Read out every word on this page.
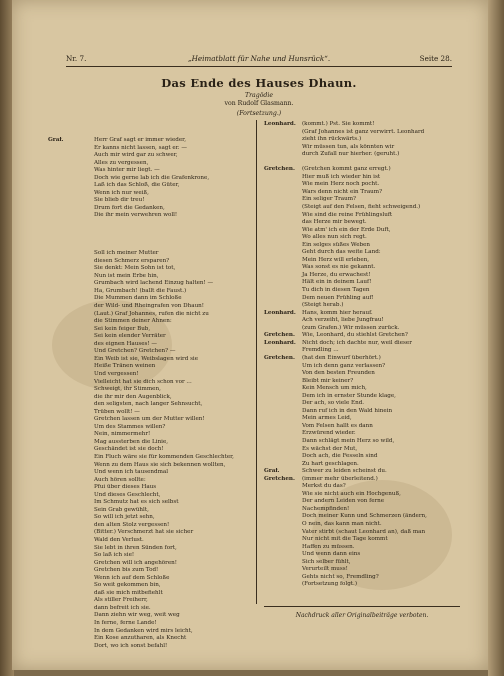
Nr. 7.	„Heimatblatt für Nahe und Hunsrück“.	Seite 28.
Das Ende des Hauses Dhaun.
Tragödie
von Rudolf Glasmann.
(Fortsetzung.)
Graf.	Herr Graf sagt er immer wieder,
Er kanns nicht lassen, sagt er. —
Auch mir wird gar zu schwer,
Alles zu vergessen,
Was hinter mir liegt. —
Doch wie gerne lab ich die Grafenkrone,
Laß ich das Schloß, die Güter,
Wenn ich nur weiß,
Sie blieb dir treu!
Drum fort die Gedanken,
Die ihr mein verwehren woll!
Soll ich meiner Mutter
diesen Schmerz ersparen?
Sie denkt: Mein Sohn ist tot,
Nun ist mein Erbe hin,
Grumbach wird lachend Einzug halten! —
Ha, Grumbach! (ballt die Faust.)
Die Mummen dann im Schloße
der Wild- und Rheingrafen von Dhaun!
(Laut.) Graf Johannes, rufen die nicht zu
die Stimmen deiner Ahnen:
Sei kein feiger Bub,
Sei kein elender Verräter
des eignen Hauses! —
Und Gretchen? Gretchen? —
Ein Weib ist sie, Weibslagen wird sie
Heiße Tränen weinen
Und vergessen!
Vielleicht hat sie dich schon vor ...
Schweigt, ihr Stimmen,
die ihr mir den Augenblick,
den seligsten, nach langer Sehnsucht,
Trüben wollt! —
Gretchen lassen um der Mutter willen!
Um des Stammes willen?
Nein, nimmermehr!
Mag aussterben die Linie,
Geschändet ist sie doch!
Ein Fluch wäre sie für kommenden Geschlechter,
Wenn zu dem Haus sie sich bekennen wollten,
Und wenn ich tausendmal
Auch hören sollte:
Pfui über dieses Haus
Und dieses Geschlecht,
Im Schmutz hat es sich selbst
Sein Grab gewühlt,
So will ich jetzt sehn,
den alten Stolz vergessen!
(Bitter.) Verschmerzt hat sie sicher
Wald den Verlust.
Sie lebt in ihren Sünden fort,
So laß ich sie!
Gretchen will ich angehören!
Gretchen bis zum Tod!
Wenn ich auf dem Schloße
So weit gekommen bin,
daß sie mich mitbefiehlt
Als stiller Freiherr,
dann befreit ich sie.
Dann ziehn wir weg, weit weg
In ferne, ferne Lande!
In dem Gedanken wird mirs leicht,
Ein Kose anzutharen, als Knecht
Dort, wo ich sonst befahl!
Leonhard. (kommt.) Pst. Sie kommt!
(Graf Johannes ist ganz verwirrt. Leonhard
zieht ihn rückwärts.)
Wir müssen tun, als könnten wir
durch Zufall nur hierher. (geruht.)
Gretchen. (Gretchen kommt ganz erregt.)
Hier muß ich wieder hin ist
Wie mein Herz noch pocht.
Wars denn nicht ein Traum?
Ein seliger Traum?
(Steigt auf den Felsen, fieht schweigend.)
Wie sind die reine Frühlingsluft
das Herze mir bewegt.
Wie atm' ich ein der Erde Duft,
Wo alles nun sich regt.
Ein selges süßes Weben
Geht durch das weite Land:
Mein Herz will erleben,
Was sonst es nie gekannt.
Ja Herze, du erwachest!
Hält ein in deinem Lauf!
Tu dich in diesen Tagen
Dem neuen Frühling auf!
(Steigt herab.)
Leonhard. Hans, komm hier herauf.
Ach verzeiht, liebe Jungfrau!
(zum Grafen.) Wir müssen zurück.
Gretchen. Wie, Leonhard, du stiehlst Gretchen?
Leonhard. Nicht doch; ich dachte nur, weil dieser
Fremdling ...
Gretchen. (hat den Einwurf überhört.)
Um ich denn ganz verlassen?
Von den besten Freunden
Bleibt mir keiner?
Kein Mensch um mich,
Dem ich in ernster Stunde klage,
Der ach, so viele End.
Dann ruf ich in den Wald hinein
Mein armes Leid,
Vom Felsen hallt es dann
Erzwürend wieder.
Dann schlägt mein Herz so wild,
Es wächst der Mut,
Doch ach, die Fesseln sind
Zu hart geschlagen.
Graf.	Schwer zu leiden scheinst du.
Gretchen. (immer mehr überleitend.)
Merkst du das?
Wie sie nicht auch ein Hochgenuß,
Der andern Leiden von ferne
Nachempfinden!
Doch meiner Kunn und Schmerzen (ändern,
O nein, das kann man nicht.
Vater stirbt (schaut Leonhard an), daß man
Nur nicht mit die Tage kommt
Haffen zu müssen.
Und wenn dann eins
Sich selber fühlt,
Verurteilt muss!
Gehts nicht so, Fremdling?
(Fortsetzung folgt.)
Nachdruck aller Originalbeiträge verboten.
